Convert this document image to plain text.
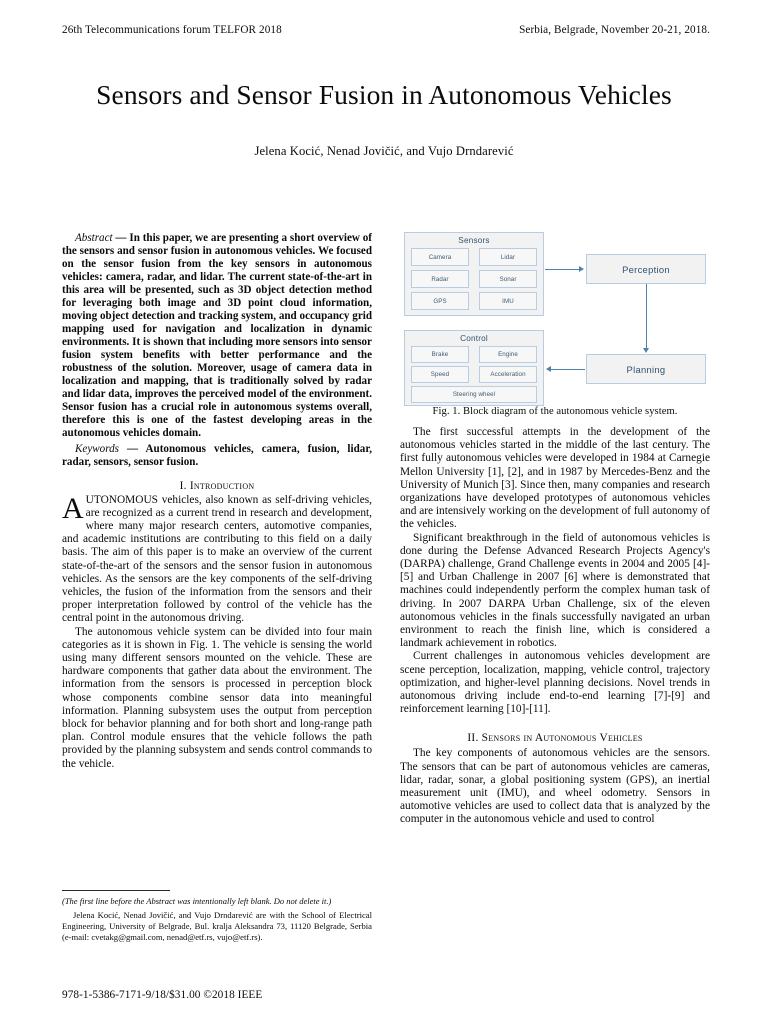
26th Telecommunications forum TELFOR 2018	Serbia, Belgrade, November 20-21, 2018.
Sensors and Sensor Fusion in Autonomous Vehicles
Jelena Kocić, Nenad Jovičić, and Vujo Drndarević

Abstract — In this paper, we are presenting a short overview of the sensors and sensor fusion in autonomous vehicles. We focused on the sensor fusion from the key sensors in autonomous vehicles: camera, radar, and lidar. The current state-of-the-art in this area will be presented, such as 3D object detection method for leveraging both image and 3D point cloud information, moving object detection and tracking system, and occupancy grid mapping used for navigation and localization in dynamic environments. It is shown that including more sensors into sensor fusion system benefits with better performance and the robustness of the solution. Moreover, usage of camera data in localization and mapping, that is traditionally solved by radar and lidar data, improves the perceived model of the environment. Sensor fusion has a crucial role in autonomous systems overall, therefore this is one of the fastest developing areas in the autonomous vehicles domain.

Keywords — Autonomous vehicles, camera, fusion, lidar, radar, sensors, sensor fusion.

I. Introduction

AUTONOMOUS vehicles, also known as self-driving vehicles, are recognized as a current trend in research and development, where many major research centers, automotive companies, and academic institutions are contributing to this field on a daily basis. The aim of this paper is to make an overview of the current state-of-the-art of the sensors and the sensor fusion in autonomous vehicles. As the sensors are the key components of the self-driving vehicles, the fusion of the information from the sensors and their proper interpretation followed by control of the vehicle has the central point in the autonomous driving.

The autonomous vehicle system can be divided into four main categories as it is shown in Fig. 1. The vehicle is sensing the world using many different sensors mounted on the vehicle. These are hardware components that gather data about the environment. The information from the sensors is processed in perception block whose components combine sensor data into meaningful information. Planning subsystem uses the output from perception block for behavior planning and for both short and long-range path plan. Control module ensures that the vehicle follows the path provided by the planning subsystem and sends control commands to the vehicle.

Sensors
Camera	Lidar
Radar	Sonar
GPS	IMU
Control
Brake	Engine
Speed	Acceleration
Steering wheel
Perception
Planning
Fig. 1. Block diagram of the autonomous vehicle system.

The first successful attempts in the development of the autonomous vehicles started in the middle of the last century. The first fully autonomous vehicles were developed in 1984 at Carnegie Mellon University [1], [2], and in 1987 by Mercedes-Benz and the University of Munich [3]. Since then, many companies and research organizations have developed prototypes of autonomous vehicles and are intensively working on the development of full autonomy of the vehicles.

Significant breakthrough in the field of autonomous vehicles is done during the Defense Advanced Research Projects Agency's (DARPA) challenge, Grand Challenge events in 2004 and 2005 [4]-[5] and Urban Challenge in 2007 [6] where is demonstrated that machines could independently perform the complex human task of driving. In 2007 DARPA Urban Challenge, six of the eleven autonomous vehicles in the finals successfully navigated an urban environment to reach the finish line, which is considered a landmark achievement in robotics.

Current challenges in autonomous vehicles development are scene perception, localization, mapping, vehicle control, trajectory optimization, and higher-level planning decisions. Novel trends in autonomous driving include end-to-end learning [7]-[9] and reinforcement learning [10]-[11].

II. Sensors in Autonomous Vehicles

The key components of autonomous vehicles are the sensors. The sensors that can be part of autonomous vehicles are cameras, lidar, radar, sonar, a global positioning system (GPS), an inertial measurement unit (IMU), and wheel odometry. Sensors in automotive vehicles are used to collect data that is analyzed by the computer in the autonomous vehicle and used to control

(The first line before the Abstract was intentionally left blank. Do not delete it.)
Jelena Kocić, Nenad Jovičić, and Vujo Drndarević are with the School of Electrical Engineering, University of Belgrade, Bul. kralja Aleksandra 73, 11120 Belgrade, Serbia (e-mail: cvetakg@gmail.com, nenad@etf.rs, vujo@etf.rs).
978-1-5386-7171-9/18/$31.00 ©2018 IEEE
